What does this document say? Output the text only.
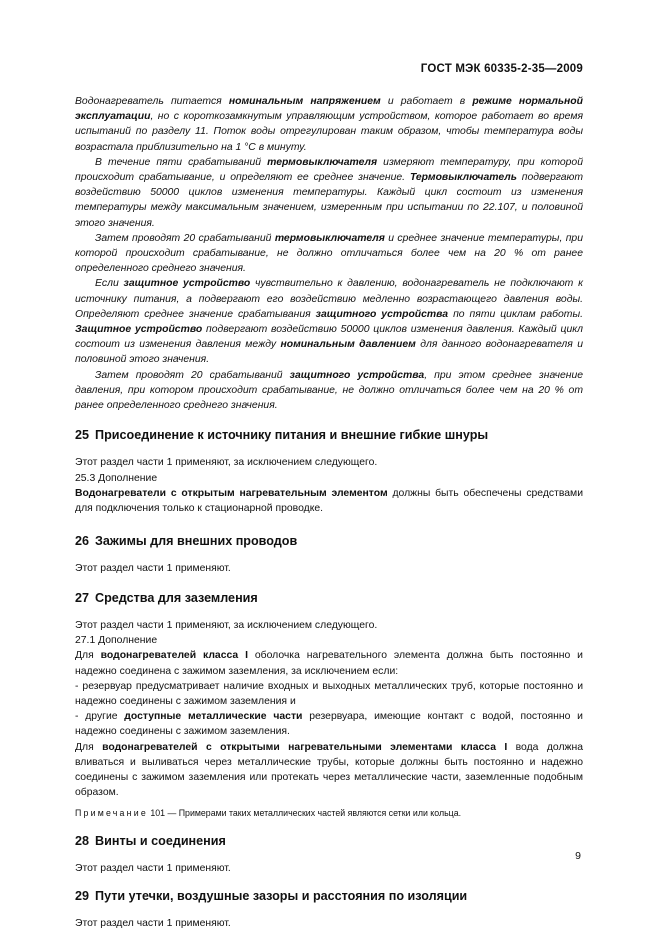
ГОСТ МЭК 60335-2-35—2009

Водонагреватель питается номинальным напряжением и работает в режиме нормальной эксплуатации, но с короткозамкнутым управляющим устройством, которое работает во время испытаний по разделу 11. Поток воды отрегулирован таким образом, чтобы температура воды возрастала приблизительно на 1 °С в минуту.

В течение пяти срабатываний термовыключателя измеряют температуру, при которой происходит срабатывание, и определяют ее среднее значение. Термовыключатель подвергают воздействию 50000 циклов изменения температуры. Каждый цикл состоит из изменения температуры между максимальным значением, измеренным при испытании по 22.107, и половиной этого значения.

Затем проводят 20 срабатываний термовыключателя и среднее значение температуры, при которой происходит срабатывание, не должно отличаться более чем на 20 % от ранее определенного среднего значения.

Если защитное устройство чувствительно к давлению, водонагреватель не подключают к источнику питания, а подвергают его воздействию медленно возрастающего давления воды. Определяют среднее значение срабатывания защитного устройства по пяти циклам работы. Защитное устройство подвергают воздействию 50000 циклов изменения давления. Каждый цикл состоит из изменения давления между номинальным давлением для данного водонагревателя и половиной этого значения.

Затем проводят 20 срабатываний защитного устройства, при этом среднее значение давления, при котором происходит срабатывание, не должно отличаться более чем на 20 % от ранее определенного среднего значения.

25 Присоединение к источнику питания и внешние гибкие шнуры

Этот раздел части 1 применяют, за исключением следующего.

25.3 Дополнение

Водонагреватели с открытым нагревательным элементом должны быть обеспечены средствами для подключения только к стационарной проводке.

26 Зажимы для внешних проводов

Этот раздел части 1 применяют.

27 Средства для заземления

Этот раздел части 1 применяют, за исключением следующего.

27.1 Дополнение

Для водонагревателей класса I оболочка нагревательного элемента должна быть постоянно и надежно соединена с зажимом заземления, за исключением если:

- резервуар предусматривает наличие входных и выходных металлических труб, которые постоянно и надежно соединены с зажимом заземления и

- другие доступные металлические части резервуара, имеющие контакт с водой, постоянно и надежно соединены с зажимом заземления.

Для водонагревателей с открытыми нагревательными элементами класса I вода должна вливаться и выливаться через металлические трубы, которые должны быть постоянно и надежно соединены с зажимом заземления или протекать через металлические части, заземленные подобным образом.

Примечание 101 — Примерами таких металлических частей являются сетки или кольца.

28 Винты и соединения

Этот раздел части 1 применяют.

29 Пути утечки, воздушные зазоры и расстояния по изоляции

Этот раздел части 1 применяют.

9
